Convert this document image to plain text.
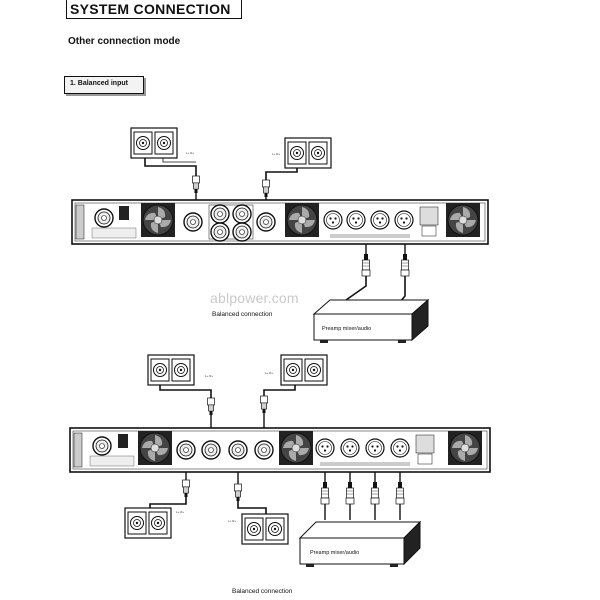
SYSTEM CONNECTION
Other connection mode
1. Balanced input
ablpower.com
Balanced connection
Balanced connection
L+ R+	L+ R+
Preamp mixer/audio
L+ R+
L+ R+
L+ R+
L+ R+
Preamp mixer/audio
